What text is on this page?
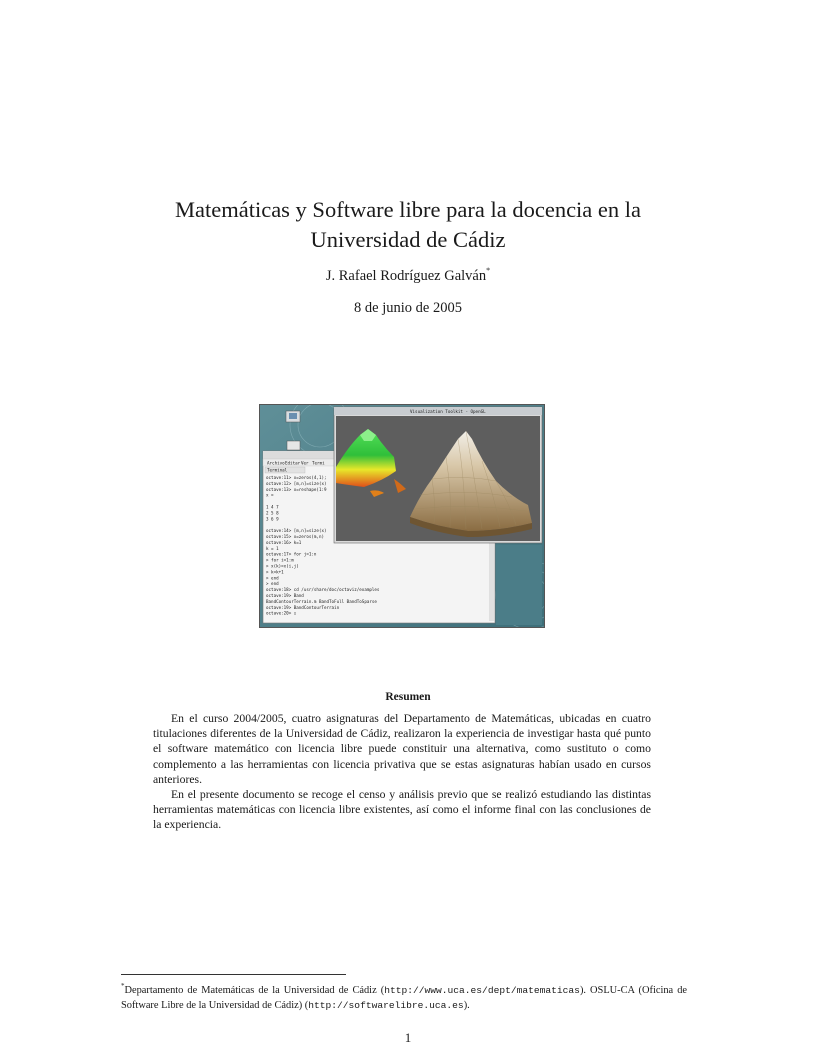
Matemáticas y Software libre para la docencia en la
Universidad de Cádiz
J. Rafael Rodríguez Galván*
8 de junio de 2005
Archivo Editar Ver Termi
Terminal
octave:11> x=zeros(4,1);
octave:12> [m,n]=size(x)
octave:13> x=reshape(1:9
x =
1 4 7
2 5 8
3 6 9
octave:14> [m,n]=size(x)
octave:15> x=zeros(m,n)
octave:16> k=1
k = 1
octave:17> for j=1:n
> for i=1:m
> x(k)=x(i,j)
> k=k+1
> end
> end
octave:18> cd /usr/share/doc/octaviz/examples
octave:19> Band
BandContourTerrain.m BandToFull BandToSparse
octave:19> BandContourTerrain
octave:20> ▯
Visualization Toolkit - OpenGL
Resumen

En el curso 2004/2005, cuatro asignaturas del Departamento de Matemáticas, ubicadas en cuatro titulaciones diferentes de la Universidad de Cádiz, realizaron la experiencia de investigar hasta qué punto el software matemático con licencia libre puede constituir una alternativa, como sustituto o como complemento a las herramientas con licencia privativa que se estas asignaturas habían usado en cursos anteriores.

En el presente documento se recoge el censo y análisis previo que se realizó estudiando las distintas herramientas matemáticas con licencia libre existentes, así como el informe final con las conclusiones de la experiencia.

*Departamento de Matemáticas de la Universidad de Cádiz (http://www.uca.es/dept/matematicas). OSLU-CA (Oficina de Software Libre de la Universidad de Cádiz) (http://softwarelibre.uca.es).
1
